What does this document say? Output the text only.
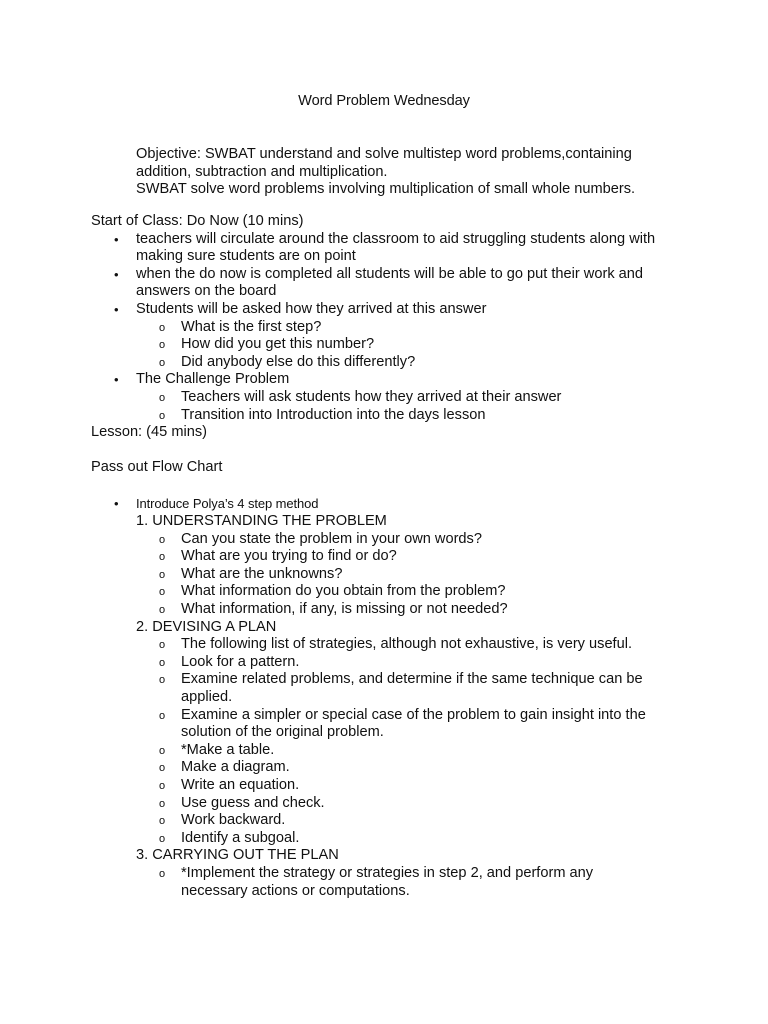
Word Problem Wednesday
Objective: SWBAT understand and solve multistep word problems,containing
addition, subtraction and multiplication.
SWBAT solve word problems involving multiplication of small whole numbers.
Start of Class: Do Now (10 mins)
• teachers will circulate around the classroom to aid struggling students along with
making sure students are on point
• when the do now is completed all students will be able to go put their work and
answers on the board
• Students will be asked how they arrived at this answer
o What is the first step?
o How did you get this number?
o Did anybody else do this differently?
• The Challenge Problem
o Teachers will ask students how they arrived at their answer
o Transition into Introduction into the days lesson
Lesson: (45 mins)
Pass out Flow Chart
• Introduce Polya’s 4 step method
1. UNDERSTANDING THE PROBLEM
o Can you state the problem in your own words?
o What are you trying to find or do?
o What are the unknowns?
o What information do you obtain from the problem?
o What information, if any, is missing or not needed?
2. DEVISING A PLAN
o The following list of strategies, although not exhaustive, is very useful.
o Look for a pattern.
o Examine related problems, and determine if the same technique can be
applied.
o Examine a simpler or special case of the problem to gain insight into the
solution of the original problem.
o *Make a table.
o Make a diagram.
o Write an equation.
o Use guess and check.
o Work backward.
o Identify a subgoal.
3. CARRYING OUT THE PLAN
o *Implement the strategy or strategies in step 2, and perform any
necessary actions or computations.
